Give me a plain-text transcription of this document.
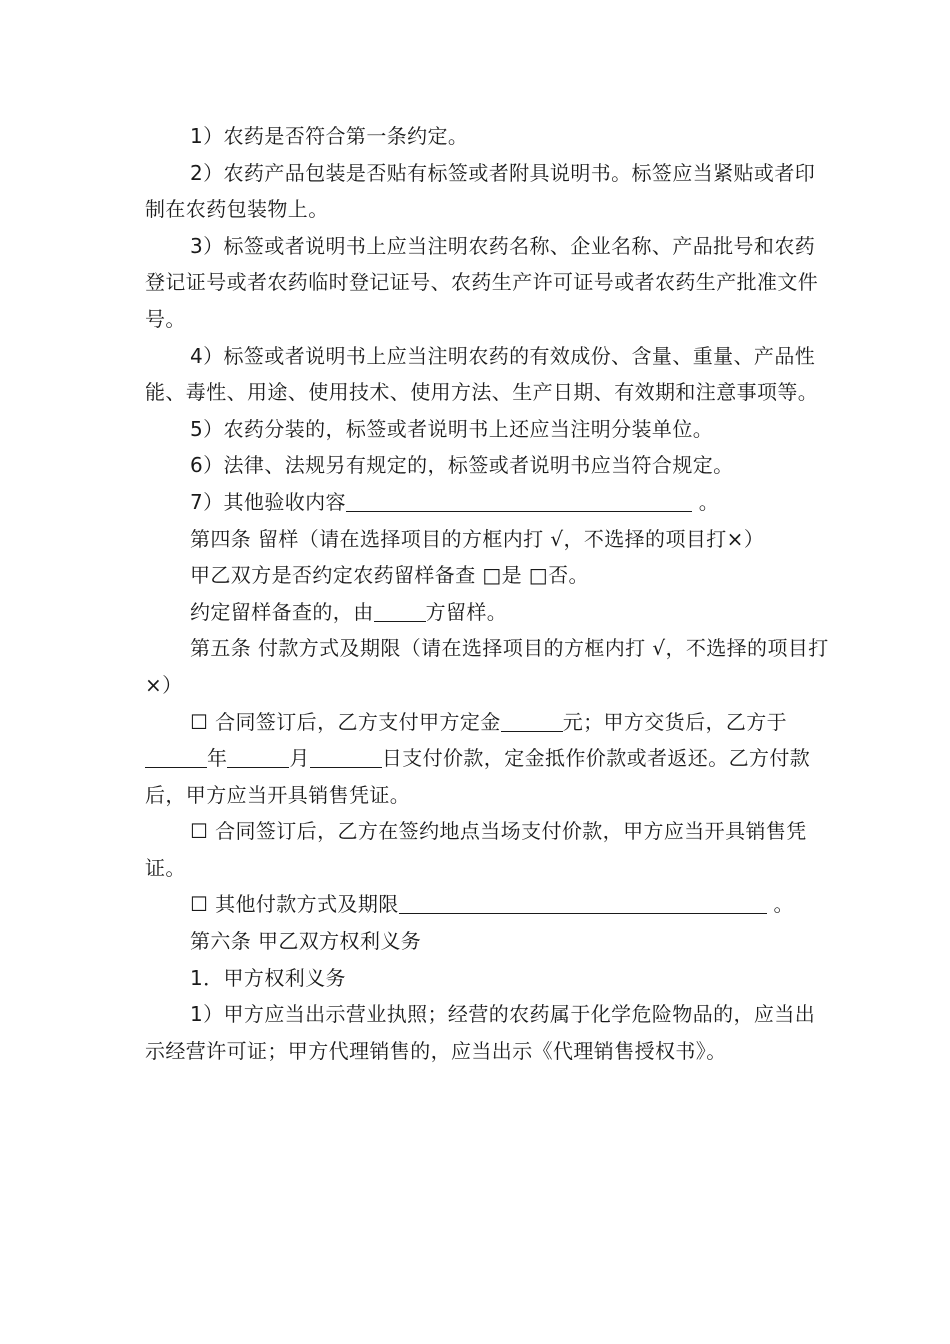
1）农药是否符合第一条约定。

2）农药产品包装是否贴有标签或者附具说明书。标签应当紧贴或者印制在农药包装物上。

3）标签或者说明书上应当注明农药名称、企业名称、产品批号和农药登记证号或者农药临时登记证号、农药生产许可证号或者农药生产批准文件号。

4）标签或者说明书上应当注明农药的有效成份、含量、重量、产品性能、毒性、用途、使用技术、使用方法、生产日期、有效期和注意事项等。

5）农药分装的，标签或者说明书上还应当注明分装单位。

6）法律、法规另有规定的，标签或者说明书应当符合规定。

7）其他验收内容	。

第四条 留样（请在选择项目的方框内打 √，不选择的项目打×）

甲乙双方是否约定农药留样备查 □是 □否。

约定留样备查的，由	方留样。

第五条 付款方式及期限（请在选择项目的方框内打 √，不选择的项目打×）

☐ 合同签订后，乙方支付甲方定金	元；甲方交货后，乙方于年	月	日支付价款，定金抵作价款或者返还。乙方付款后，甲方应当开具销售凭证。

☐ 合同签订后，乙方在签约地点当场支付价款，甲方应当开具销售凭证。

☐ 其他付款方式及期限	。

第六条 甲乙双方权利义务

1．甲方权利义务

1）甲方应当出示营业执照；经营的农药属于化学危险物品的，应当出示经营许可证；甲方代理销售的，应当出示《代理销售授权书》。
